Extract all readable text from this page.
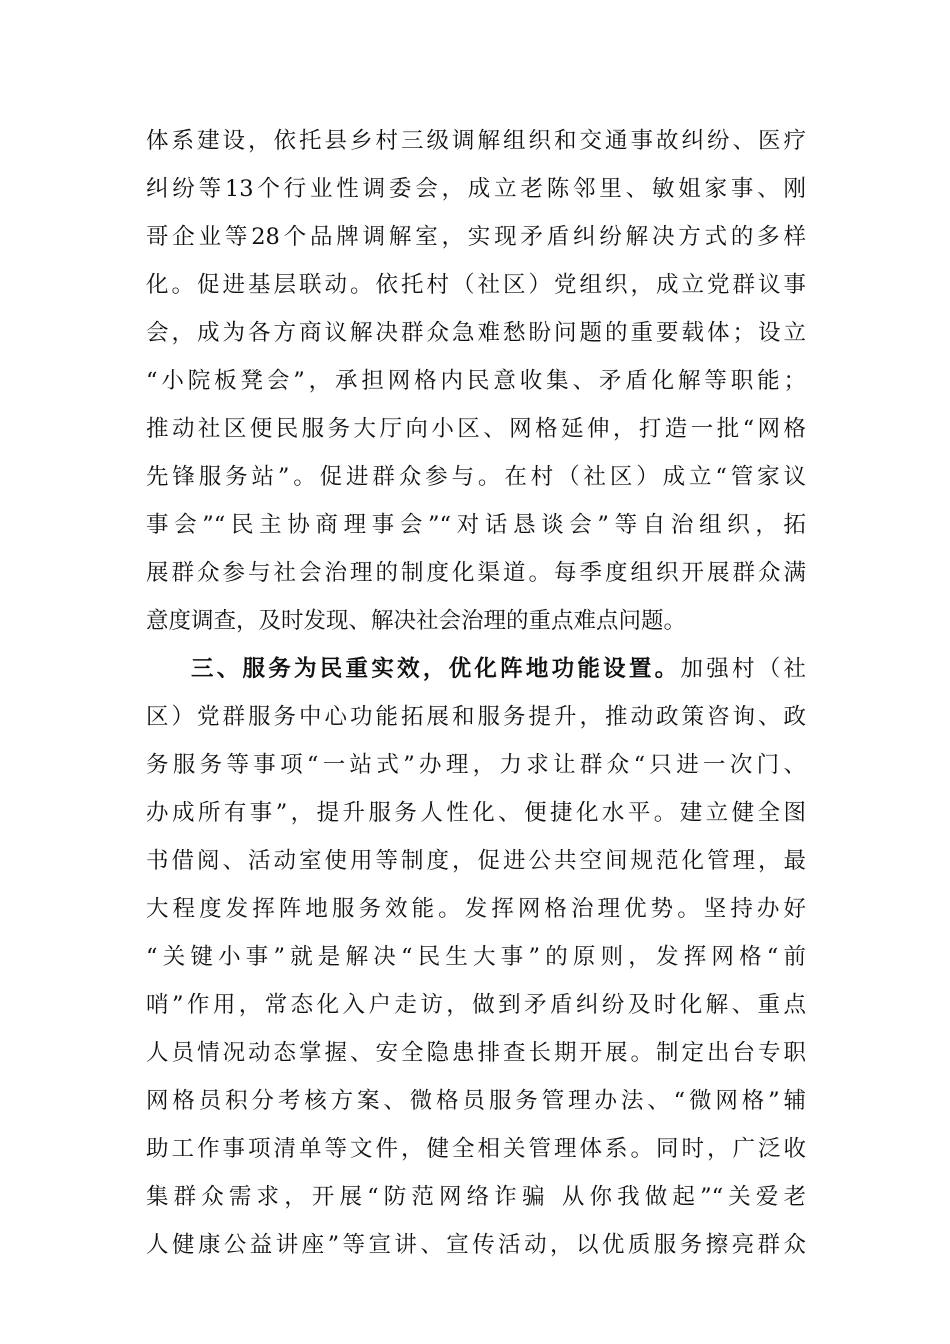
体系建设，依托县乡村三级调解组织和交通事故纠纷、医疗
纠纷等13个行业性调委会，成立老陈邻里、敏姐家事、刚
哥企业等28个品牌调解室，实现矛盾纠纷解决方式的多样
化。促进基层联动。依托村（社区）党组织，成立党群议事
会，成为各方商议解决群众急难愁盼问题的重要载体；设立
“小院板凳会”，承担网格内民意收集、矛盾化解等职能；
推动社区便民服务大厅向小区、网格延伸，打造一批“网格
先锋服务站”。促进群众参与。在村（社区）成立“管家议
事会”“民主协商理事会”“对话恳谈会”等自治组织，拓
展群众参与社会治理的制度化渠道。每季度组织开展群众满
意度调查，及时发现、解决社会治理的重点难点问题。
三、服务为民重实效，优化阵地功能设置。加强村（社
区）党群服务中心功能拓展和服务提升，推动政策咨询、政
务服务等事项“一站式”办理，力求让群众“只进一次门、
办成所有事”，提升服务人性化、便捷化水平。建立健全图
书借阅、活动室使用等制度，促进公共空间规范化管理，最
大程度发挥阵地服务效能。发挥网格治理优势。坚持办好
“关键小事”就是解决“民生大事”的原则，发挥网格“前
哨”作用，常态化入户走访，做到矛盾纠纷及时化解、重点
人员情况动态掌握、安全隐患排查长期开展。制定出台专职
网格员积分考核方案、微格员服务管理办法、“微网格”辅
助工作事项清单等文件，健全相关管理体系。同时，广泛收
集群众需求，开展“防范网络诈骗 从你我做起”“关爱老
人健康公益讲座”等宣讲、宣传活动，以优质服务擦亮群众
